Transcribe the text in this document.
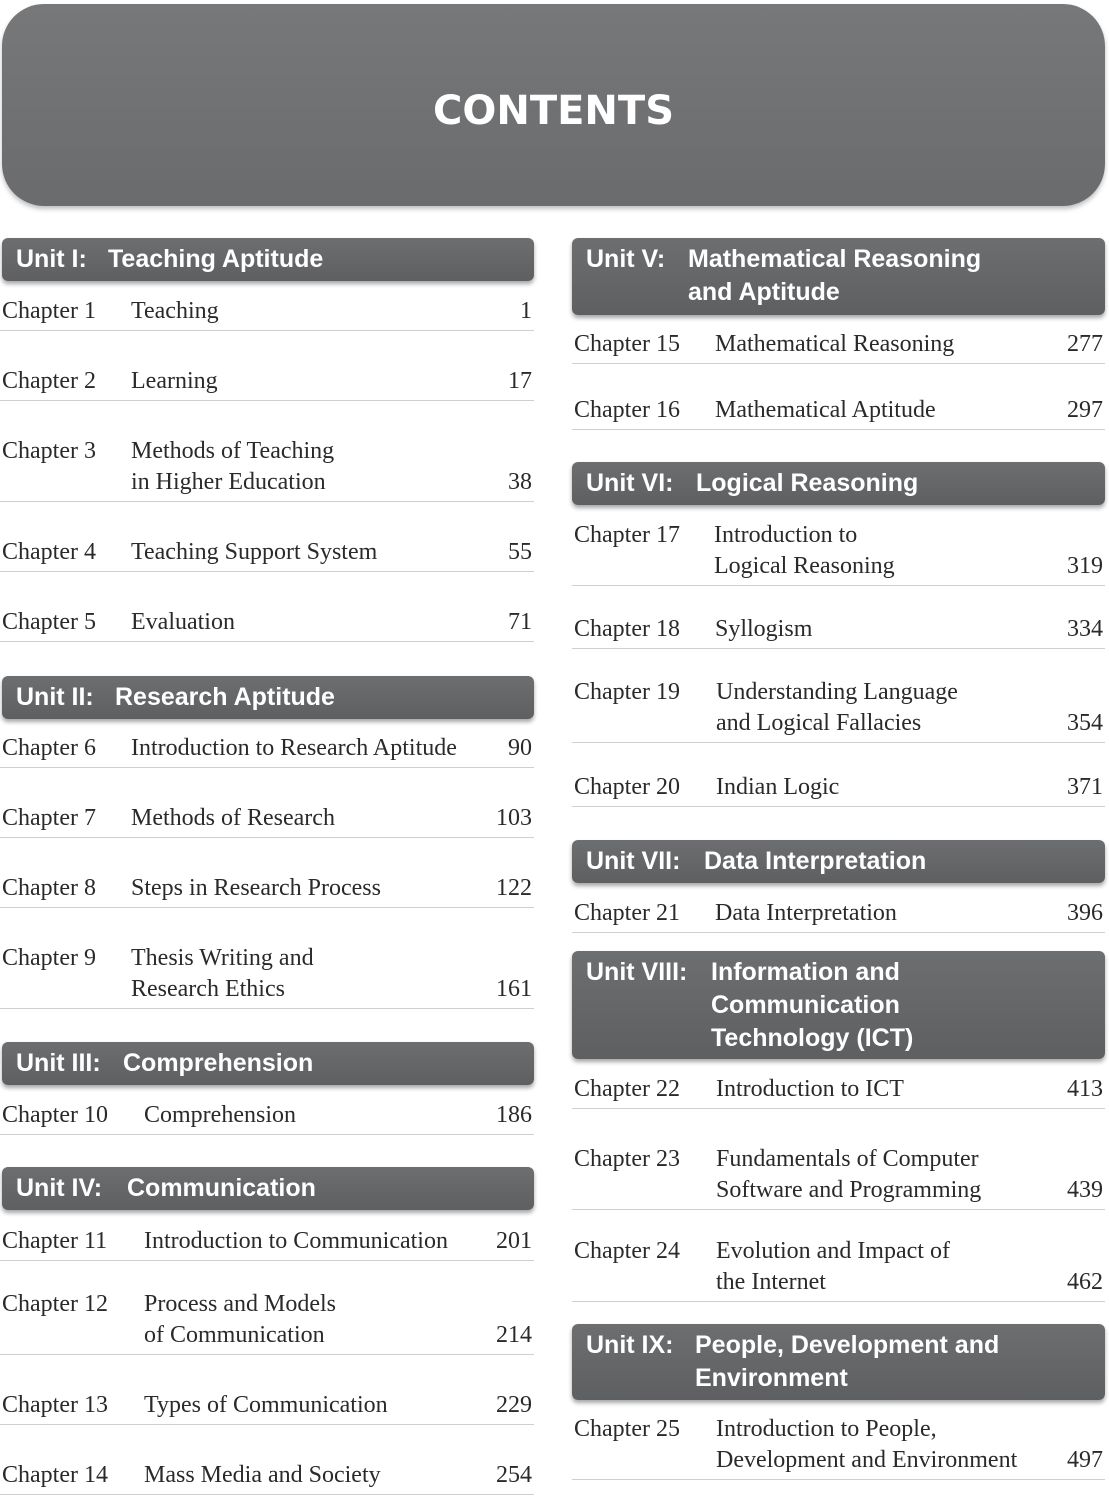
CONTENTS
Unit I: Teaching Aptitude
Chapter 1 Teaching	1
Chapter 2 Learning	17
Chapter 3 Methods of Teaching
in Higher Education	38
Chapter 4 Teaching Support System	55
Chapter 5 Evaluation	71
Unit II: Research Aptitude
Chapter 6 Introduction to Research Aptitude 90
Chapter 7 Methods of Research	103
Chapter 8 Steps in Research Process	122
Chapter 9 Thesis Writing and
Research Ethics	161
Unit III: Comprehension
Chapter 10 Comprehension	186
Unit IV: Communication
Chapter 11 Introduction to Communication 201
Chapter 12 Process and Models
of Communication	214
Chapter 13 Types of Communication	229
Chapter 14 Mass Media and Society	254
Unit V: Mathematical Reasoning
and Aptitude
Chapter 15 Mathematical Reasoning	277
Chapter 16 Mathematical Aptitude	297
Unit VI: Logical Reasoning
Chapter 17 Introduction to
Logical Reasoning	319
Chapter 18 Syllogism	334
Chapter 19 Understanding Language
and Logical Fallacies	354
Chapter 20 Indian Logic	371
Unit VII: Data Interpretation
Chapter 21 Data Interpretation	396
Unit VIII: Information and
Communication
Technology (ICT)
Chapter 22 Introduction to ICT	413
Chapter 23 Fundamentals of Computer
Software and Programming	439
Chapter 24 Evolution and Impact of
the Internet	462
Unit IX: People, Development and
Environment
Chapter 25 Introduction to People,
Development and Environment 497
